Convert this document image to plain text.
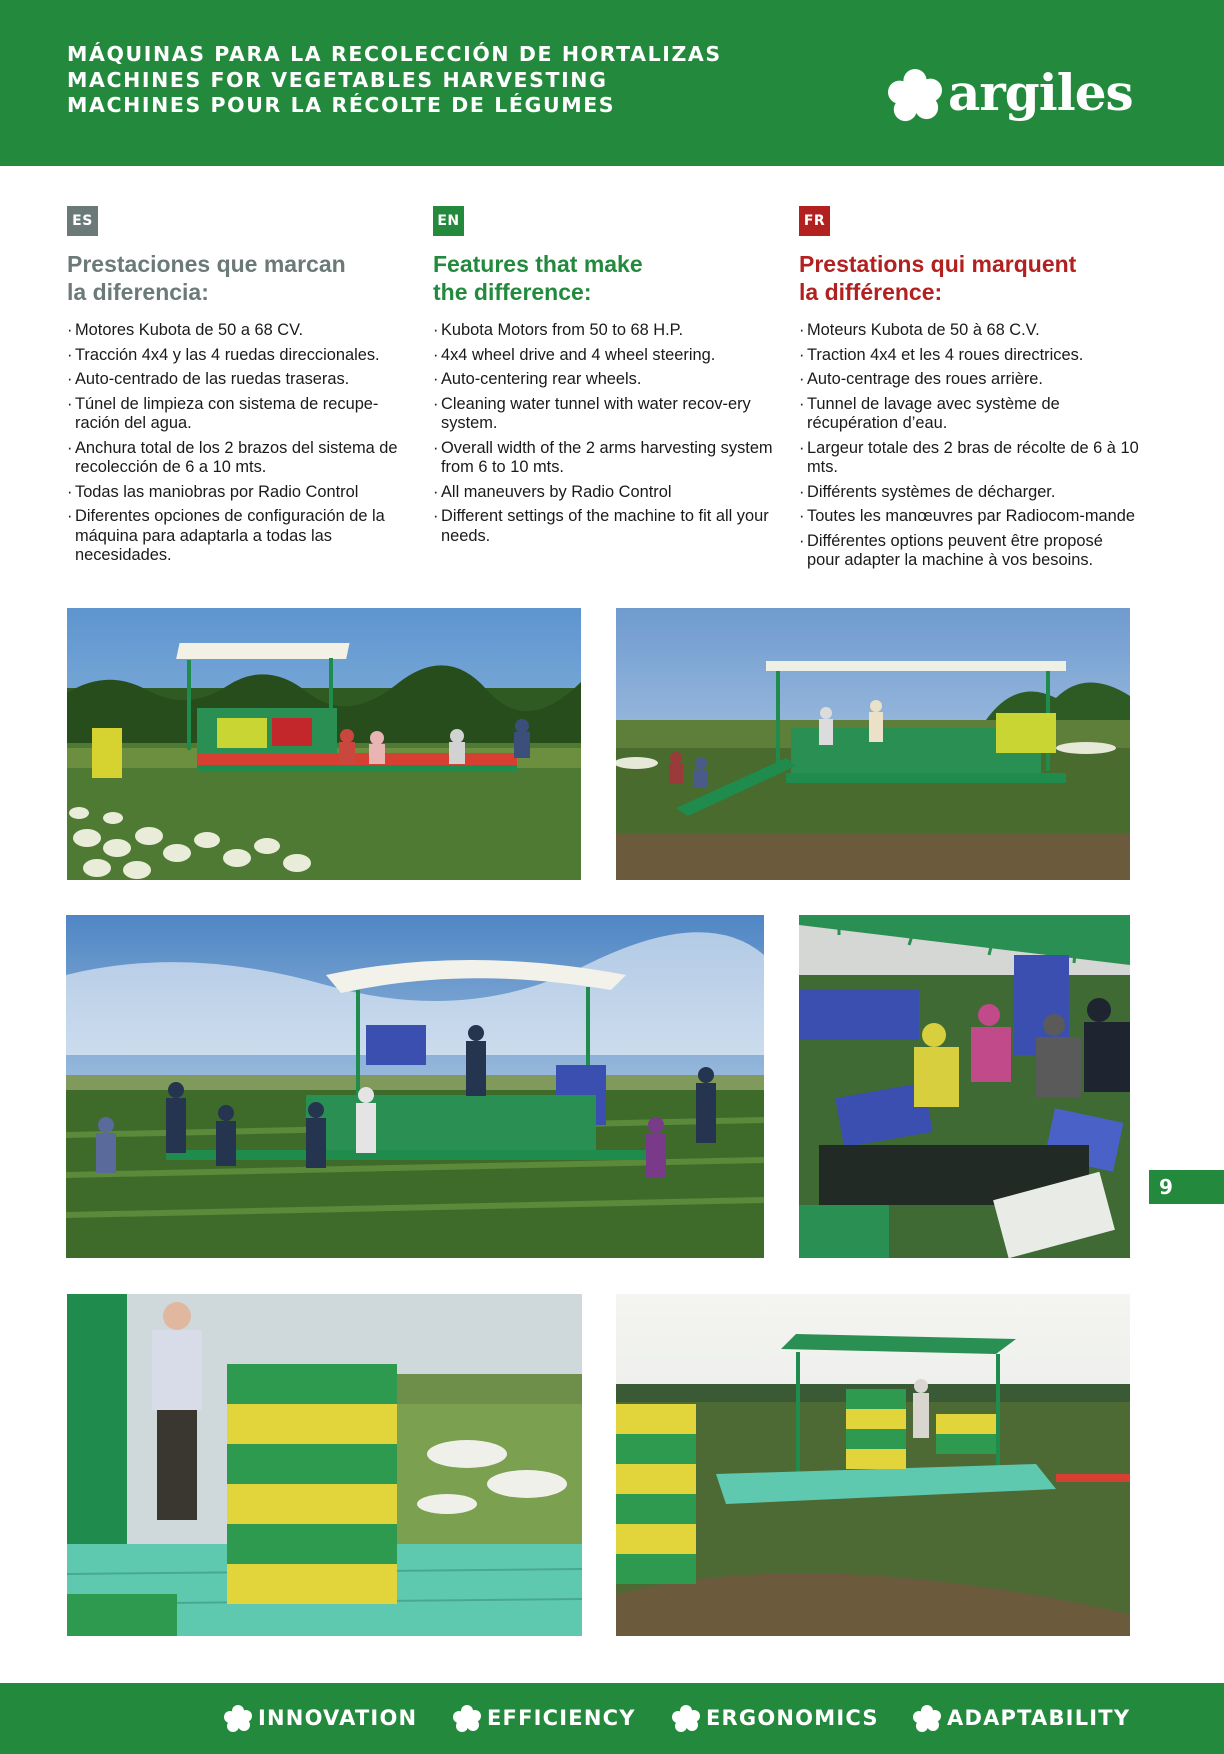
MÁQUINAS PARA LA RECOLECCIÓN DE HORTALIZAS
MACHINES FOR VEGETABLES HARVESTING
MACHINES POUR LA RÉCOLTE DE LÉGUMES	argiles
ES
Prestaciones que marcan
la diferencia:
· Motores Kubota de 50 a 68 CV.
· Tracción 4x4 y las 4 ruedas direccionales.
· Auto-centrado de las ruedas traseras.
· Túnel de limpieza con sistema de recupe-ración del agua.
· Anchura total de los 2 brazos del sistema de recolección de 6 a 10 mts.
· Todas las maniobras por Radio Control
· Diferentes opciones de configuración de la máquina para adaptarla a todas las necesidades.
EN
Features that make
the difference:
· Kubota Motors from 50 to 68 H.P.
· 4x4 wheel drive and 4 wheel steering.
· Auto-centering rear wheels.
· Cleaning water tunnel with water recov-ery system.
· Overall width of the 2 arms harvesting system from 6 to 10 mts.
· All maneuvers by Radio Control
· Different settings of the machine to fit all your needs.
FR
Prestations qui marquent
la différence:
· Moteurs Kubota de 50 à 68 C.V.
· Traction 4x4 et les 4 roues directrices.
· Auto-centrage des roues arrière.
· Tunnel de lavage avec système de récupération d’eau.
· Largeur totale des 2 bras de récolte de 6 à 10 mts.
· Différents systèmes de décharger.
· Toutes les manœuvres par Radiocom-mande
· Différentes options peuvent être proposé pour adapter la machine à vos besoins.
9
INNOVATION	EFFICIENCY	ERGONOMICS	ADAPTABILITY
